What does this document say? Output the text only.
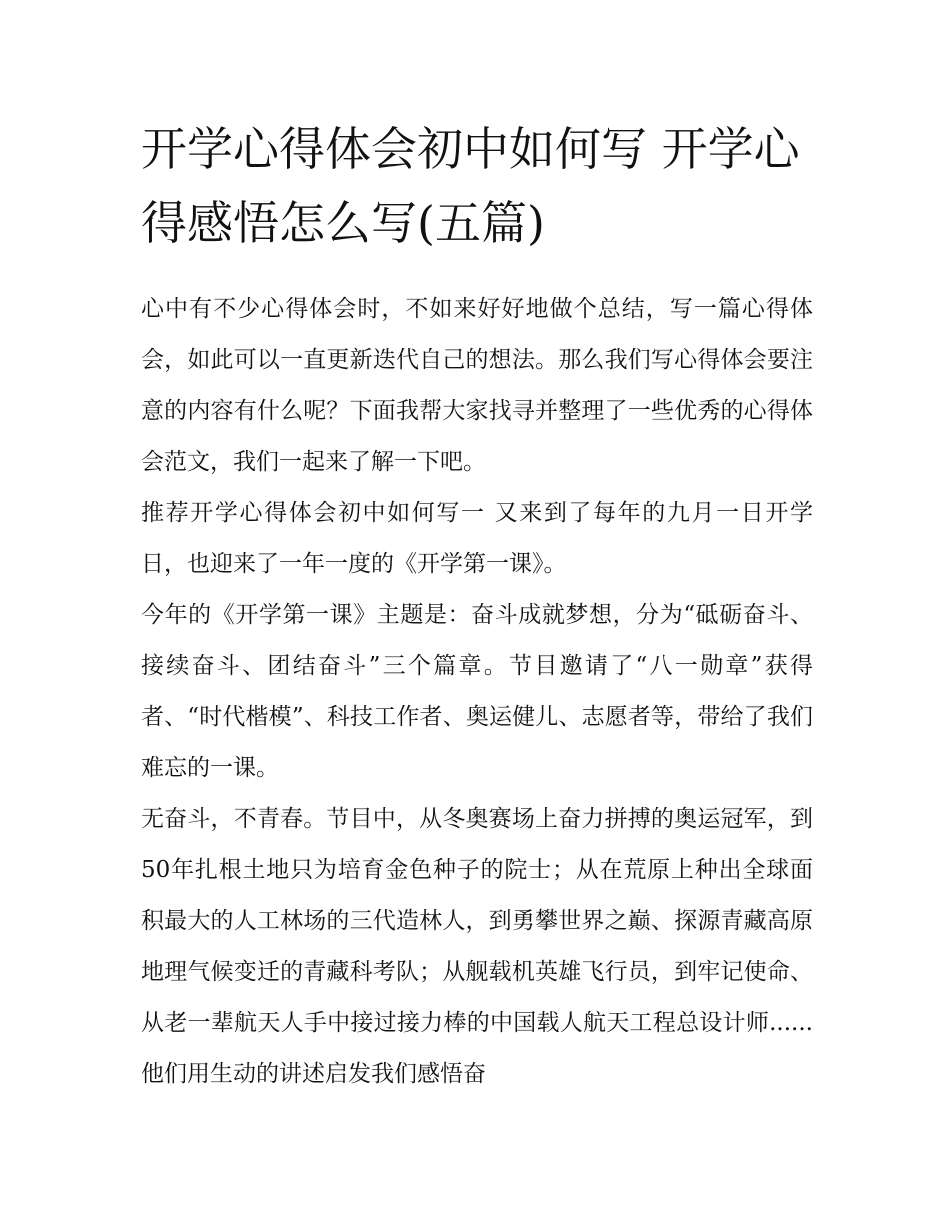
开学心得体会初中如何写 开学心得感悟怎么写(五篇)

心中有不少心得体会时，不如来好好地做个总结，写一篇心得体会，如此可以一直更新迭代自己的想法。那么我们写心得体会要注意的内容有什么呢？下面我帮大家找寻并整理了一些优秀的心得体会范文，我们一起来了解一下吧。

推荐开学心得体会初中如何写一 又来到了每年的九月一日开学日，也迎来了一年一度的《开学第一课》。

今年的《开学第一课》主题是：奋斗成就梦想，分为“砥砺奋斗、接续奋斗、团结奋斗”三个篇章。节目邀请了“八一勋章”获得者、“时代楷模”、科技工作者、奥运健儿、志愿者等，带给了我们难忘的一课。

无奋斗，不青春。节目中，从冬奥赛场上奋力拼搏的奥运冠军，到50年扎根土地只为培育金色种子的院士；从在荒原上种出全球面积最大的人工林场的三代造林人，到勇攀世界之巅、探源青藏高原地理气候变迁的青藏科考队；从舰载机英雄飞行员，到牢记使命、从老一辈航天人手中接过接力棒的中国载人航天工程总设计师......他们用生动的讲述启发我们感悟奋
